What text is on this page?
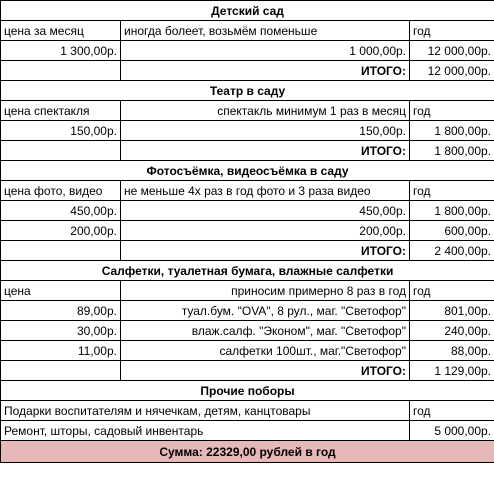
Детский сад		
цена за месяц	иногда болеет, возьмём поменьше	год
1 300,00р.	1 000,00р.	12 000,00р.
	ИТОГО:	12 000,00р.
Театр в саду		
цена спектакля	спектакль минимум 1 раз в месяц	год
150,00р.	150,00р.	1 800,00р.
	ИТОГО:	1 800,00р.
Фотосъёмка, видеосъёмка в саду		
цена фото, видео	не меньше 4х раз в год фото и 3 раза видео	год
450,00р.	450,00р.	1 800,00р.
200,00р.	200,00р.	600,00р.
	ИТОГО:	2 400,00р.
Салфетки, туалетная бумага, влажные салфетки		
цена	приносим примерно 8 раз в год	год
89,00р.	туал.бум. "OVA", 8 рул., маг. "Светофор"	801,00р.
30,00р.	влаж.салф. "Эконом", маг. "Светофор"	240,00р.
11,00р.	салфетки 100шт., маг."Светофор"	88,00р.
	ИТОГО:	1 129,00р.
Прочие поборы		
Подарки воспитателям и нячечкам, детям, канцтовары		год
Ремонт, шторы, садовый инвентарь		5 000,00р.
Сумма: 22329,00 рублей в год		
